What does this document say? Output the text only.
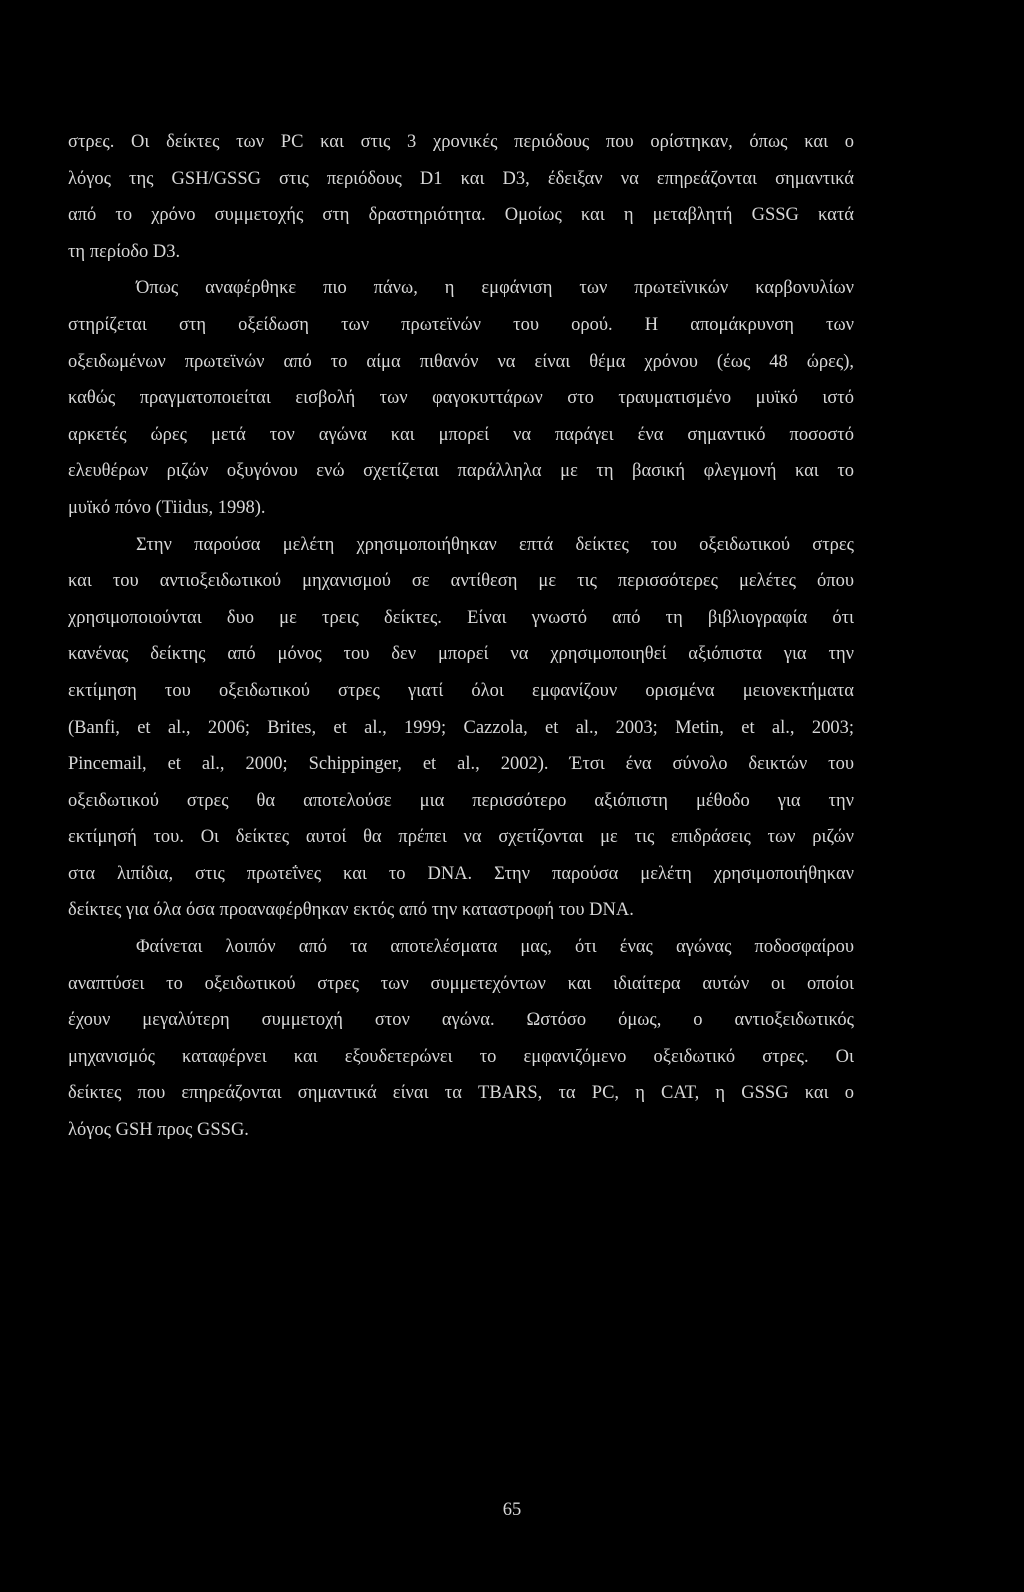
στρες. Οι δείκτες των PC και στις 3 χρονικές περιόδους που ορίστηκαν, όπως και ο
λόγος της GSH/GSSG στις περιόδους D1 και D3, έδειξαν να επηρεάζονται σημαντικά
από το χρόνο συμμετοχής στη δραστηριότητα. Ομοίως και η μεταβλητή GSSG κατά
τη περίοδο D3.
Όπως αναφέρθηκε πιο πάνω, η εμφάνιση των πρωτεϊνικών καρβονυλίων
στηρίζεται στη οξείδωση των πρωτεϊνών του ορού. Η απομάκρυνση των
οξειδωμένων πρωτεϊνών από το αίμα πιθανόν να είναι θέμα χρόνου (έως 48 ώρες),
καθώς πραγματοποιείται εισβολή των φαγοκυττάρων στο τραυματισμένο μυϊκό ιστό
αρκετές ώρες μετά τον αγώνα και μπορεί να παράγει ένα σημαντικό ποσοστό
ελευθέρων ριζών οξυγόνου ενώ σχετίζεται παράλληλα με τη βασική φλεγμονή και το
μυϊκό πόνο (Tiidus, 1998).
Στην παρούσα μελέτη χρησιμοποιήθηκαν επτά δείκτες του οξειδωτικού στρες
και του αντιοξειδωτικού μηχανισμού σε αντίθεση με τις περισσότερες μελέτες όπου
χρησιμοποιούνται δυο με τρεις δείκτες. Είναι γνωστό από τη βιβλιογραφία ότι
κανένας δείκτης από μόνος του δεν μπορεί να χρησιμοποιηθεί αξιόπιστα για την
εκτίμηση του οξειδωτικού στρες γιατί όλοι εμφανίζουν ορισμένα μειονεκτήματα
(Banfi, et al., 2006; Brites, et al., 1999; Cazzola, et al., 2003; Metin, et al., 2003;
Pincemail, et al., 2000; Schippinger, et al., 2002). Έτσι ένα σύνολο δεικτών του
οξειδωτικού στρες θα αποτελούσε μια περισσότερο αξιόπιστη μέθοδο για την
εκτίμησή του. Οι δείκτες αυτοί θα πρέπει να σχετίζονται με τις επιδράσεις των ριζών
στα λιπίδια, στις πρωτεΐνες και το DNA. Στην παρούσα μελέτη χρησιμοποιήθηκαν
δείκτες για όλα όσα προαναφέρθηκαν εκτός από την καταστροφή του DNA.
Φαίνεται λοιπόν από τα αποτελέσματα μας, ότι ένας αγώνας ποδοσφαίρου
αναπτύσει το οξειδωτικού στρες των συμμετεχόντων και ιδιαίτερα αυτών οι οποίοι
έχουν μεγαλύτερη συμμετοχή στον αγώνα. Ωστόσο όμως, ο αντιοξειδωτικός
μηχανισμός καταφέρνει και εξουδετερώνει το εμφανιζόμενο οξειδωτικό στρες. Οι
δείκτες που επηρεάζονται σημαντικά είναι τα TBARS, τα PC, η CAT, η GSSG και ο
λόγος GSH προς GSSG.
65
